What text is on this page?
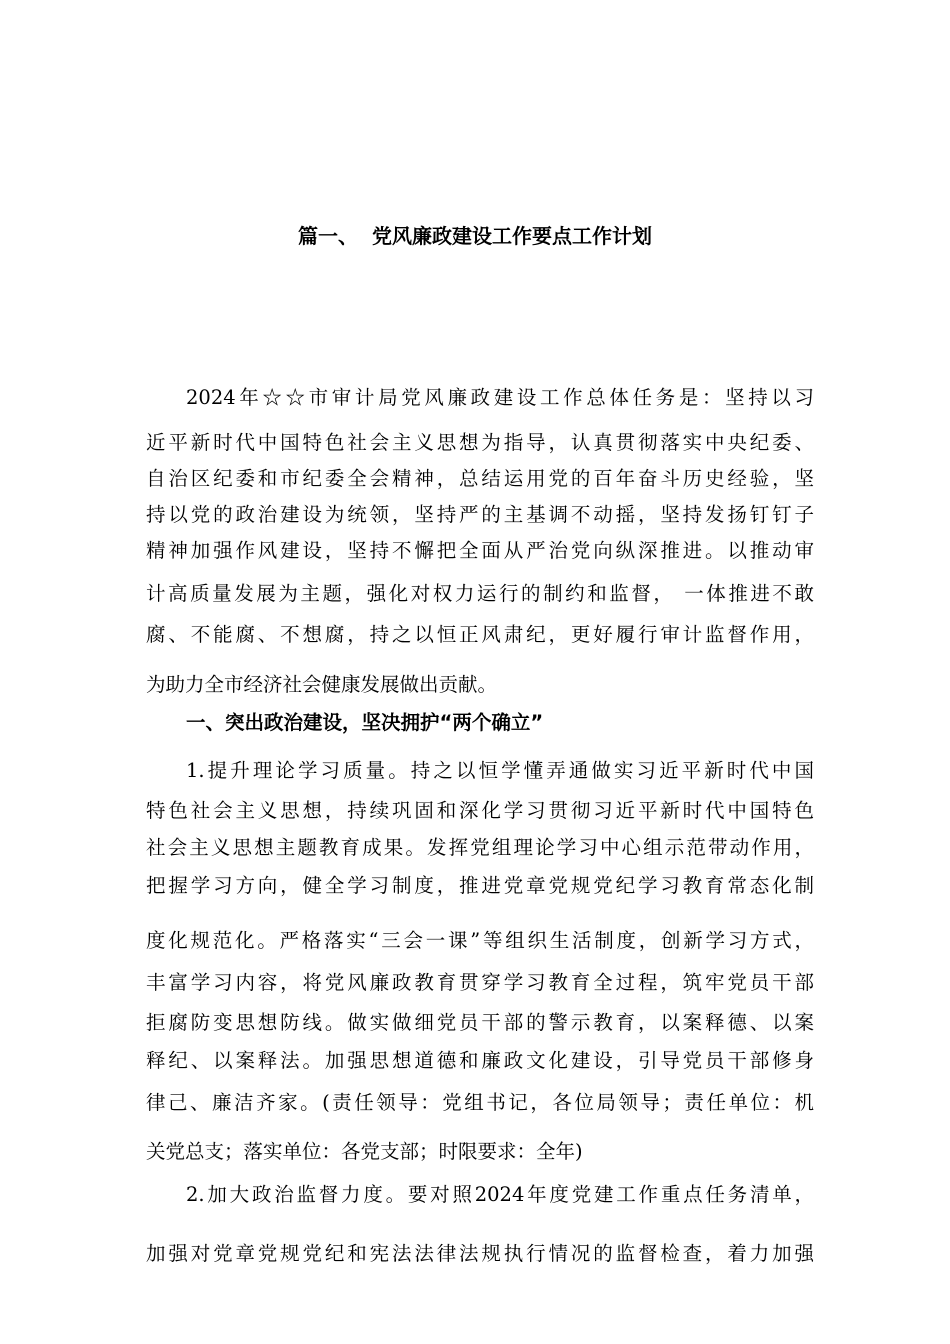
篇一、  党风廉政建设工作要点工作计划
2024年☆☆市审计局党风廉政建设工作总体任务是：坚持以习
近平新时代中国特色社会主义思想为指导，认真贯彻落实中央纪委、
自治区纪委和市纪委全会精神，总结运用党的百年奋斗历史经验，坚
持以党的政治建设为统领，坚持严的主基调不动摇，坚持发扬钉钉子
精神加强作风建设，坚持不懈把全面从严治党向纵深推进。以推动审
计高质量发展为主题，强化对权力运行的制约和监督， 一体推进不敢
腐、不能腐、不想腐，持之以恒正风肃纪，更好履行审计监督作用，
为助力全市经济社会健康发展做出贡献。
一、突出政治建设，坚决拥护“两个确立”
1.提升理论学习质量。持之以恒学懂弄通做实习近平新时代中国
特色社会主义思想，持续巩固和深化学习贯彻习近平新时代中国特色
社会主义思想主题教育成果。发挥党组理论学习中心组示范带动作用，
把握学习方向，健全学习制度，推进党章党规党纪学习教育常态化制
度化规范化。严格落实“三会一课”等组织生活制度，创新学习方式，
丰富学习内容，将党风廉政教育贯穿学习教育全过程，筑牢党员干部
拒腐防变思想防线。做实做细党员干部的警示教育，以案释德、以案
释纪、以案释法。加强思想道德和廉政文化建设，引导党员干部修身
律己、廉洁齐家。(责任领导：党组书记，各位局领导；责任单位：机
关党总支；落实单位：各党支部；时限要求：全年)
2.加大政治监督力度。要对照2024年度党建工作重点任务清单，
加强对党章党规党纪和宪法法律法规执行情况的监督检查，着力加强
